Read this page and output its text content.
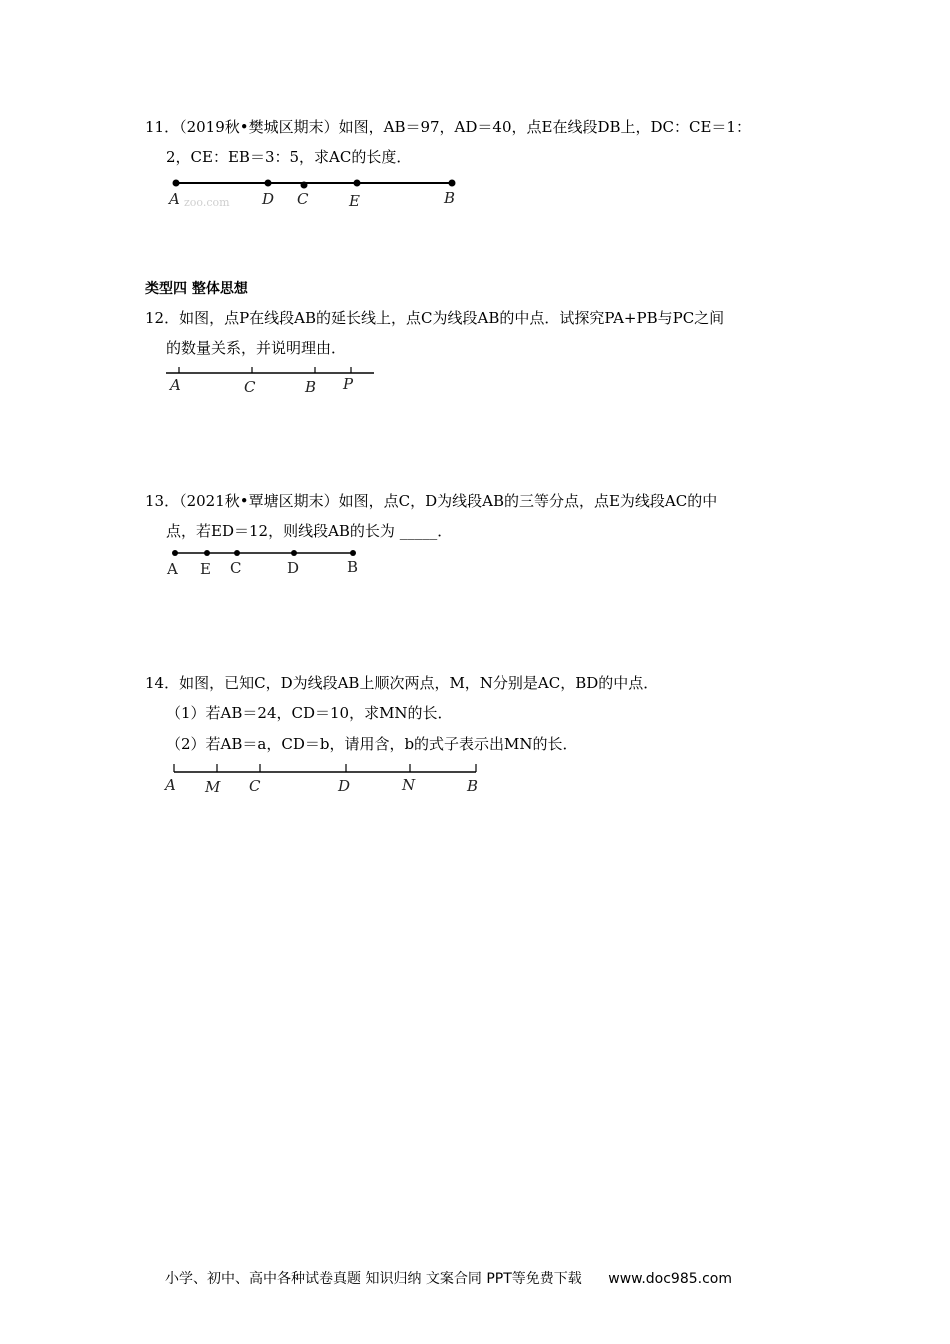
11．（2019秋•樊城区期末）如图，AB＝97，AD＝40，点E在线段DB上，DC：CE＝1：
2，CE：EB＝3：5，求AC的长度．
zoo.com
A	D C	E	B
类型四 整体思想
12．如图，点P在线段AB的延长线上，点C为线段AB的中点．试探究PA+PB与PC之间
的数量关系，并说明理由．
A	C	B P
13．（2021秋•覃塘区期末）如图，点C，D为线段AB的三等分点，点E为线段AC的中
点，若ED＝12，则线段AB的长为 _____．
A E C	D	B
14．如图，已知C，D为线段AB上顺次两点，M，N分别是AC，BD的中点．
（1）若AB＝24，CD＝10，求MN的长．
（2）若AB＝a，CD＝b，请用含，b的式子表示出MN的长．
A M C	D	N	B
小学、初中、高中各种试卷真题 知识归纳 文案合同 PPT等免费下载 www.doc985.com
